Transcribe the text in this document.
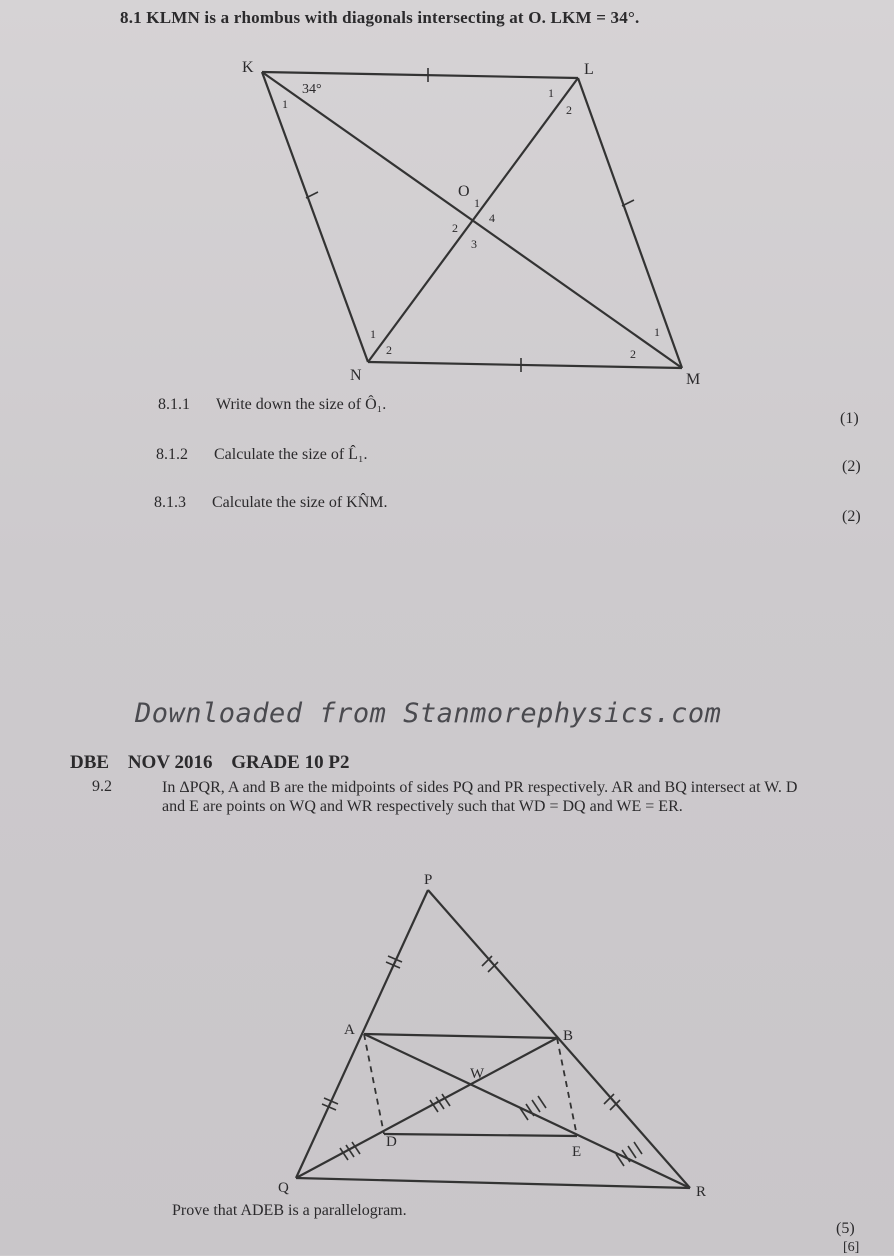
8.1 KLMN is a rhombus with diagonals intersecting at O. LKM = 34°.
K	L
M
N
O
34°
1
1
2
1
2
3
4
1
2
1
2
8.1.1 Write down the size of Ô₁.
(1)
8.1.2 Calculate the size of L̂₁.
(2)
8.1.3 Calculate the size of KN̂M.
(2)
Downloaded from Stanmorephysics.com
DBE NOV 2016 GRADE 10 P2
9.2	In ΔPQR, A and B are the midpoints of sides PQ and PR respectively. AR and BQ intersect at W. D and E are points on WQ and WR respectively such that WD = DQ and WE = ER.
P
Q	R
A	B
W
D
E
Prove that ADEB is a parallelogram.
(5)
[6]
